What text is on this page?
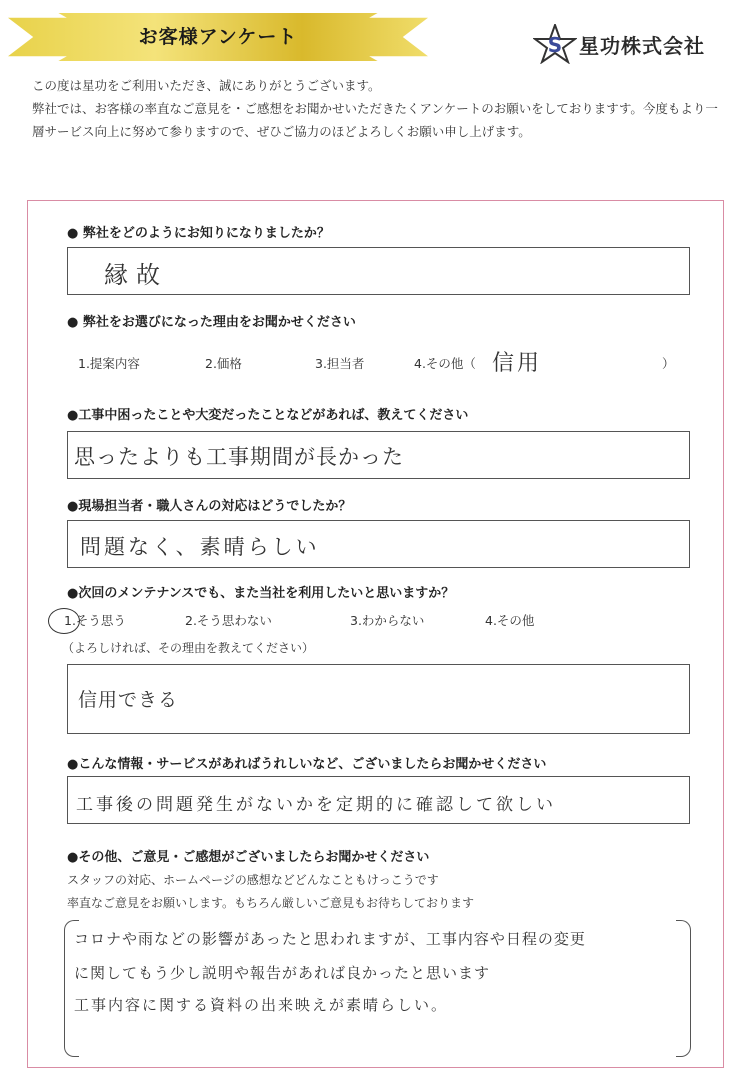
お客様アンケート	S 星功株式会社

この度は星功をご利用いただき、誠にありがとうございます。

弊社では、お客様の率直なご意見を・ご感想をお聞かせいただきたくアンケートのお願いをしておりますす。今度もより一層サービス向上に努めて参りますので、ぜひご協力のほどよろしくお願い申し上げます。

● 弊社をどのようにお知りになりましたか？
縁故
● 弊社をお選びになった理由をお聞かせください
1.提案内容	2.価格	3.担当者	4.その他（ 信用	）
●工事中困ったことや大変だったことなどがあれば、教えてください
思ったよりも工事期間が長かった
●現場担当者・職人さんの対応はどうでしたか？
問題なく、素晴らしい
●次回のメンテナンスでも、また当社を利用したいと思いますか？
1.そう思う	2.そう思わない	3.わからない	4.その他
（よろしければ、その理由を教えてください）
信用できる
●こんな情報・サービスがあればうれしいなど、ございましたらお聞かせください
工事後の問題発生がないかを定期的に確認して欲しい
●その他、ご意見・ご感想がございましたらお聞かせください
スタッフの対応、ホームページの感想などどんなこともけっこうです
率直なご意見をお願いします。もちろん厳しいご意見もお待ちしております
コロナや雨などの影響があったと思われますが、工事内容や日程の変更
に関してもう少し説明や報告があれば良かったと思います
工事内容に関する資料の出来映えが素晴らしい。
